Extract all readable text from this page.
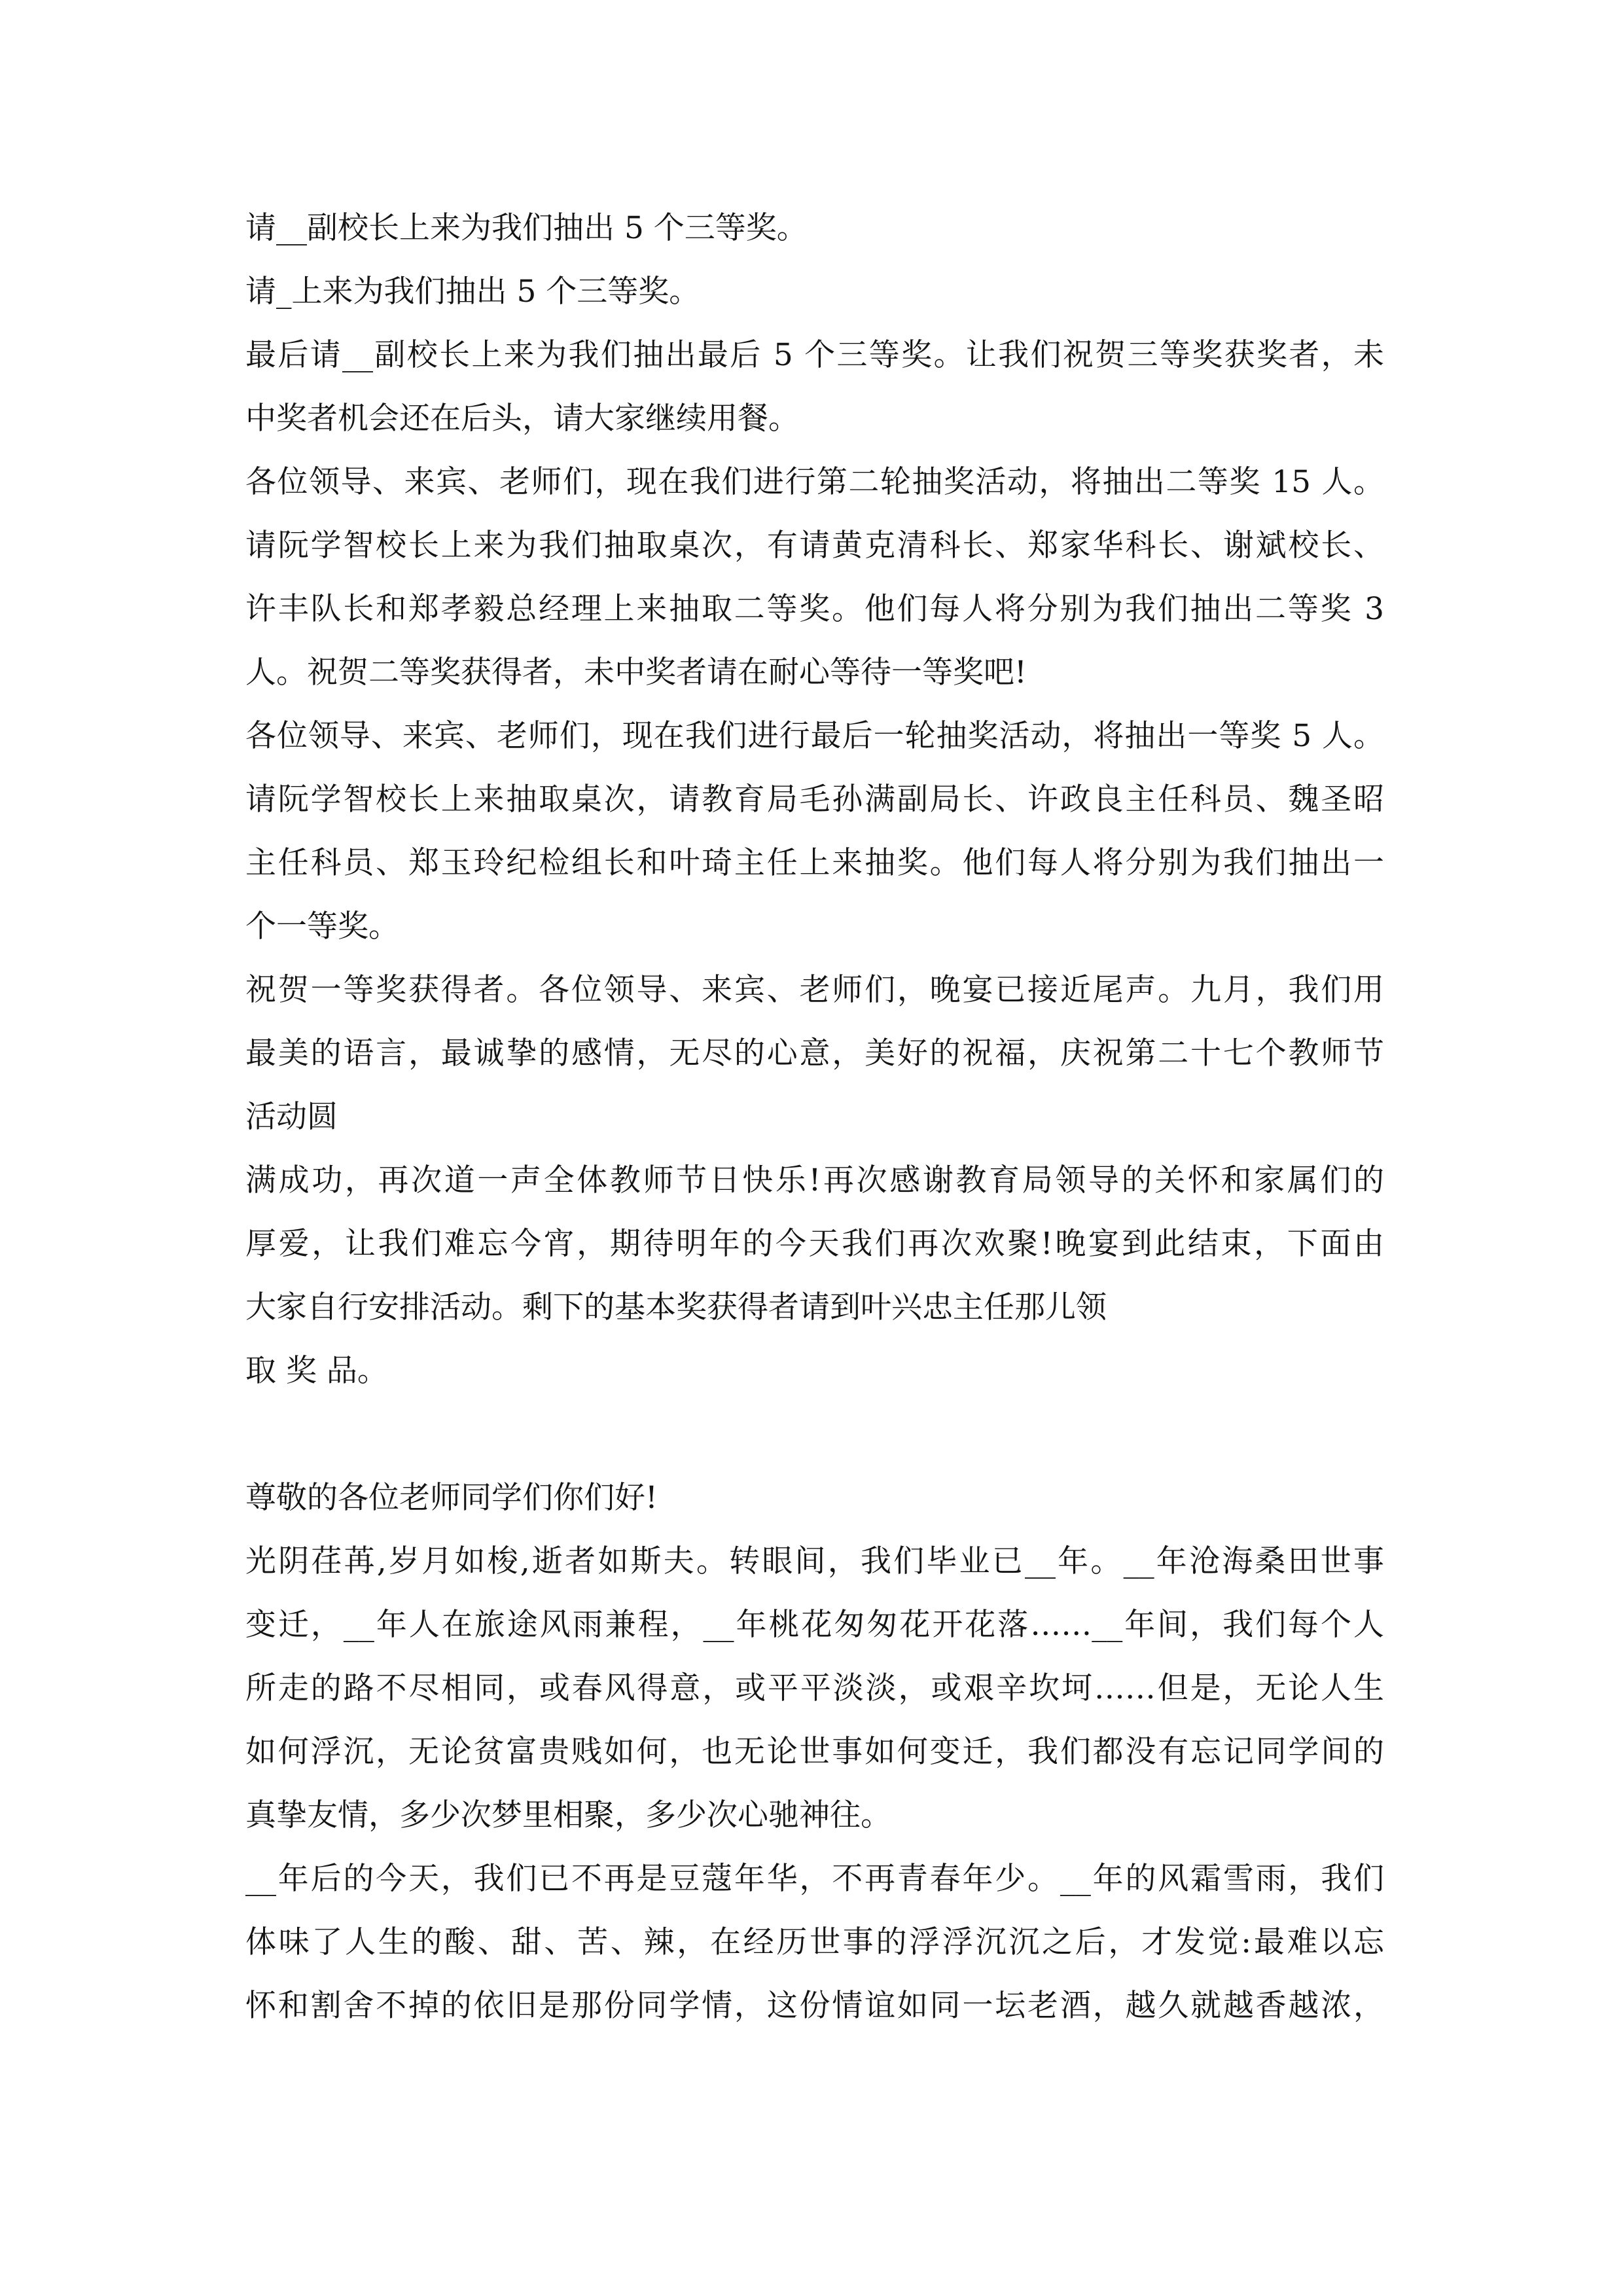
请__副校长上来为我们抽出 5 个三等奖。
请_上来为我们抽出 5 个三等奖。
最后请__副校长上来为我们抽出最后 5 个三等奖。让我们祝贺三等奖获奖者，未
中奖者机会还在后头，请大家继续用餐。
各位领导、来宾、老师们，现在我们进行第二轮抽奖活动，将抽出二等奖 15 人。
请阮学智校长上来为我们抽取桌次，有请黄克清科长、郑家华科长、谢斌校长、
许丰队长和郑孝毅总经理上来抽取二等奖。他们每人将分别为我们抽出二等奖 3
人。祝贺二等奖获得者，未中奖者请在耐心等待一等奖吧!
各位领导、来宾、老师们，现在我们进行最后一轮抽奖活动，将抽出一等奖 5 人。
请阮学智校长上来抽取桌次，请教育局毛孙满副局长、许政良主任科员、魏圣昭
主任科员、郑玉玲纪检组长和叶琦主任上来抽奖。他们每人将分别为我们抽出一
个一等奖。
祝贺一等奖获得者。各位领导、来宾、老师们，晚宴已接近尾声。九月，我们用
最美的语言，最诚挚的感情，无尽的心意，美好的祝福，庆祝第二十七个教师节
活动圆
满成功，再次道一声全体教师节日快乐!再次感谢教育局领导的关怀和家属们的
厚爱，让我们难忘今宵，期待明年的今天我们再次欢聚!晚宴到此结束，下面由
大家自行安排活动。剩下的基本奖获得者请到叶兴忠主任那儿领
取 奖 品。
尊敬的各位老师同学们你们好!
光阴荏苒,岁月如梭,逝者如斯夫。转眼间，我们毕业已__年。__年沧海桑田世事
变迁，__年人在旅途风雨兼程，__年桃花匆匆花开花落……__年间，我们每个人
所走的路不尽相同，或春风得意，或平平淡淡，或艰辛坎坷……但是，无论人生
如何浮沉，无论贫富贵贱如何，也无论世事如何变迁，我们都没有忘记同学间的
真挚友情，多少次梦里相聚，多少次心驰神往。
__年后的今天，我们已不再是豆蔻年华，不再青春年少。__年的风霜雪雨，我们
体味了人生的酸、甜、苦、辣，在经历世事的浮浮沉沉之后，才发觉:最难以忘
怀和割舍不掉的依旧是那份同学情，这份情谊如同一坛老酒，越久就越香越浓，
